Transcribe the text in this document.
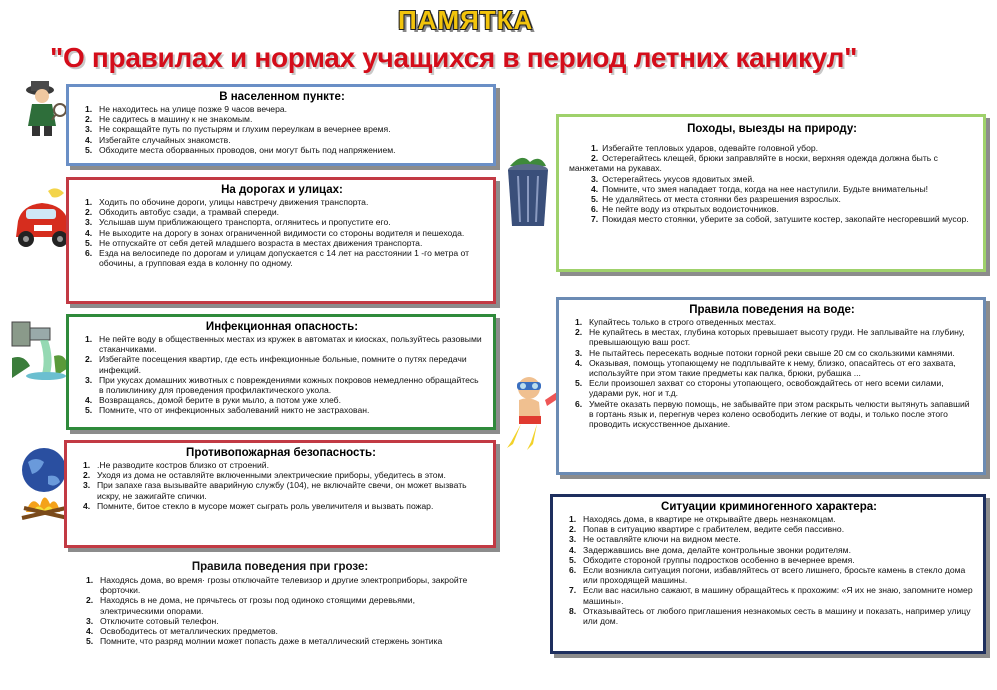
ПАМЯТКА
"О правилах и нормах учащихся в период летних каникул"
В населенном пункте:
1. Не находитесь на улице позже 9 часов вечера.
2. Не садитесь в машину к не знакомым.
3. Не сокращайте путь по пустырям и глухим переулкам в вечернее время.
4. Избегайте случайных знакомств.
5. Обходите места оборванных проводов, они могут быть под напряжением.
На дорогах и улицах:
1. Ходить по обочине дороги, улицы навстречу движения транспорта.
2. Обходить автобус сзади, а трамвай спереди.
3. Услышав шум приближающего транспорта, оглянитесь и пропустите его.
4. Не выходите на дорогу в зонах ограниченной видимости со стороны водителя и пешехода.
5. Не отпускайте от себя детей младшего возраста в местах движения транспорта.
6. Езда на велосипеде по дорогам и улицам допускается с 14 лет на расстоянии 1 -го метра от обочины, а групповая езда в колонну по одному.
Инфекционная опасность:
1. Не пейте воду в общественных местах из кружек в автоматах и киосках, пользуйтесь разовыми стаканчиками.
2. Избегайте посещения квартир, где есть инфекционные больные, помните о путях передачи инфекций.
3. При укусах домашних животных с повреждениями кожных покровов немедленно обращайтесь в поликлинику для проведения профилактического укола.
4. Возвращаясь, домой берите в руки мыло, а потом уже хлеб.
5. Помните, что от инфекционных заболеваний никто не застрахован.
Противопожарная безопасность:
1. .Не разводите костров близко от строений.
2. Уходя из дома не оставляйте включенными электрические приборы, убедитесь в этом.
3. При запахе газа вызывайте аварийную службу (104), не включайте свечи, он может вызвать искру, не зажигайте спички.
4. Помните, битое стекло в мусоре может сыграть роль увеличителя и вызвать пожар.
Правила поведения при грозе:
1. Находясь дома, во время· грозы отключайте телевизор и другие электроприборы, закройте форточки.
2. Находясь в не дома, не прячьтесь от грозы под одиноко стоящими деревьями, электрическими опорами.
3. Отключите сотовый телефон.
4. Освободитесь от металлических предметов.
5. Помните, что разряд молнии может попасть даже в металлический стержень зонтика
Походы, выезды на природу:
1. Избегайте тепловых ударов, одевайте головной убор.
2. Остерегайтесь клещей, брюки заправляйте в носки, верхняя одежда должна быть с манжетами на рукавах.
3. Остерегайтесь укусов ядовитых змей.
4. Помните, что змея нападает тогда, когда на нее наступили. Будьте внимательны!
5. Не удаляйтесь от места стоянки без разрешения взрослых.
6. Не пейте воду из открытых водоисточников.
7. Покидая место стоянки, уберите за собой, затушите костер, закопайте несгоревший мусор.
Правила поведения на воде:
1. Купайтесь только в строго отведенных местах.
2. Не купайтесь в местах, глубина которых превышает высоту груди. Не заплывайте на глубину, превышающую ваш рост.
3. Не пытайтесь пересекать водные потоки горной реки свыше 20 см со скользкими камнями.
4. Оказывая, помощь утопающему не подплывайте к нему, близко, опасайтесь от его захвата, используйте при этом такие предметы как палка, брюки, рубашка ...
5. Если произошел захват со стороны утопающего, освобождайтесь от него всеми силами, ударами рук, ног и т.д.
6. Умейте оказать первую помощь, не забывайте при этом раскрыть челюсти вытянуть запавший в гортань язык и, перегнув через колено освободить легкие от воды, и только после этого проводить искусственное дыхание.
Ситуации криминогенного характера:
1. Находясь дома, в квартире не открывайте дверь незнакомцам.
2. Попав в ситуацию квартире с грабителем, ведите себя пассивно.
3. Не оставляйте ключи на видном месте.
4. Задержавшись вне дома, делайте контрольные звонки родителям.
5. Обходите стороной группы подростков особенно в вечернее время.
6. Если возникла ситуация погони, избавляйтесь от всего лишнего, бросьте камень в стекло дома или проходящей машины.
7. Если вас насильно сажают, в машину обращайтесь к прохожим: «Я их не знаю, запомните номер машины».
8. Отказывайтесь от любого приглашения незнакомых сесть в машину и показать, например улицу или дом.
